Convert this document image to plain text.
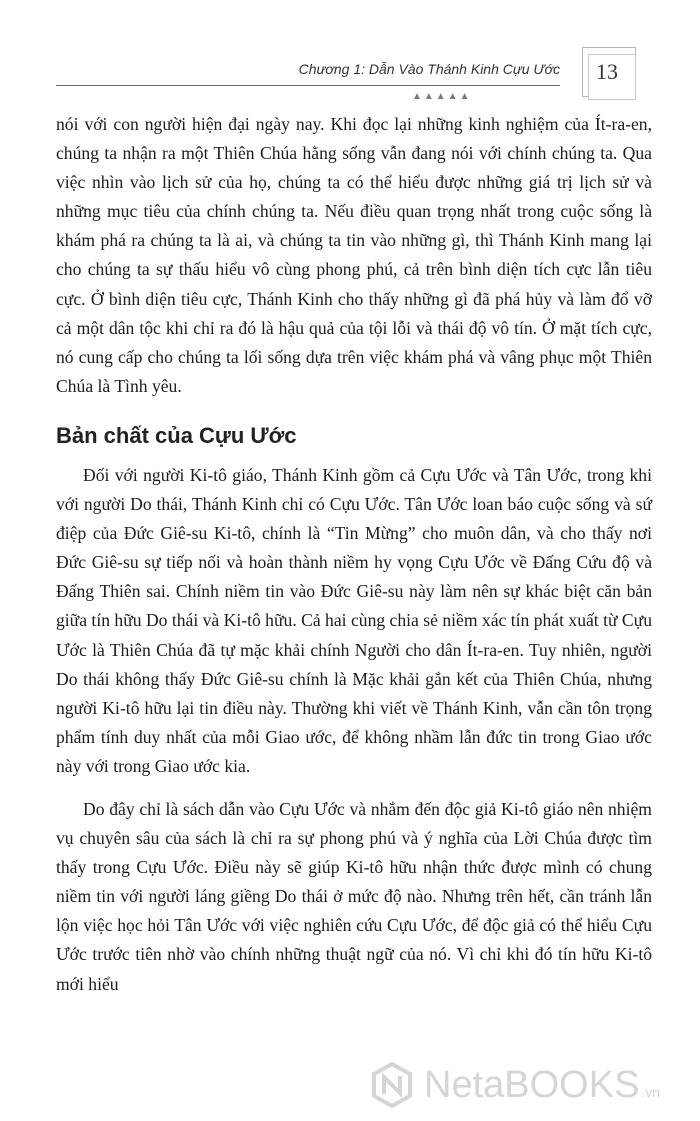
Chương 1: Dẫn Vào Thánh Kinh Cựu Ước
▲▲▲▲▲
13

nói với con người hiện đại ngày nay. Khi đọc lại những kinh nghiệm của Ít-ra-en, chúng ta nhận ra một Thiên Chúa hằng sống vẫn đang nói với chính chúng ta. Qua việc nhìn vào lịch sử của họ, chúng ta có thể hiểu được những giá trị lịch sử và những mục tiêu của chính chúng ta. Nếu điều quan trọng nhất trong cuộc sống là khám phá ra chúng ta là ai, và chúng ta tin vào những gì, thì Thánh Kinh mang lại cho chúng ta sự thấu hiểu vô cùng phong phú, cả trên bình diện tích cực lẫn tiêu cực. Ở bình diện tiêu cực, Thánh Kinh cho thấy những gì đã phá hủy và làm đổ vỡ cả một dân tộc khi chỉ ra đó là hậu quả của tội lỗi và thái độ vô tín. Ở mặt tích cực, nó cung cấp cho chúng ta lối sống dựa trên việc khám phá và vâng phục một Thiên Chúa là Tình yêu.

Bản chất của Cựu Ước

Đối với người Ki-tô giáo, Thánh Kinh gồm cả Cựu Ước và Tân Ước, trong khi với người Do thái, Thánh Kinh chỉ có Cựu Ước. Tân Ước loan báo cuộc sống và sứ điệp của Đức Giê-su Ki-tô, chính là “Tin Mừng” cho muôn dân, và cho thấy nơi Đức Giê-su sự tiếp nối và hoàn thành niềm hy vọng Cựu Ước về Đấng Cứu độ và Đấng Thiên sai. Chính niềm tin vào Đức Giê-su này làm nên sự khác biệt căn bản giữa tín hữu Do thái và Ki-tô hữu. Cả hai cùng chia sẻ niềm xác tín phát xuất từ Cựu Ước là Thiên Chúa đã tự mặc khải chính Người cho dân Ít-ra-en. Tuy nhiên, người Do thái không thấy Đức Giê-su chính là Mặc khải gắn kết của Thiên Chúa, nhưng người Ki-tô hữu lại tin điều này. Thường khi viết về Thánh Kinh, vẫn cần tôn trọng phẩm tính duy nhất của mỗi Giao ước, để không nhầm lẫn đức tin trong Giao ước này với trong Giao ước kia.

Do đây chỉ là sách dẫn vào Cựu Ước và nhắm đến độc giả Ki-tô giáo nên nhiệm vụ chuyên sâu của sách là chỉ ra sự phong phú và ý nghĩa của Lời Chúa được tìm thấy trong Cựu Ước. Điều này sẽ giúp Ki-tô hữu nhận thức được mình có chung niềm tin với người láng giềng Do thái ở mức độ nào. Nhưng trên hết, cần tránh lẫn lộn việc học hỏi Tân Ước với việc nghiên cứu Cựu Ước, để độc giả có thể hiểu Cựu Ước trước tiên nhờ vào chính những thuật ngữ của nó. Vì chỉ khi đó tín hữu Ki-tô mới hiểu

NetaBOOKS .vn
